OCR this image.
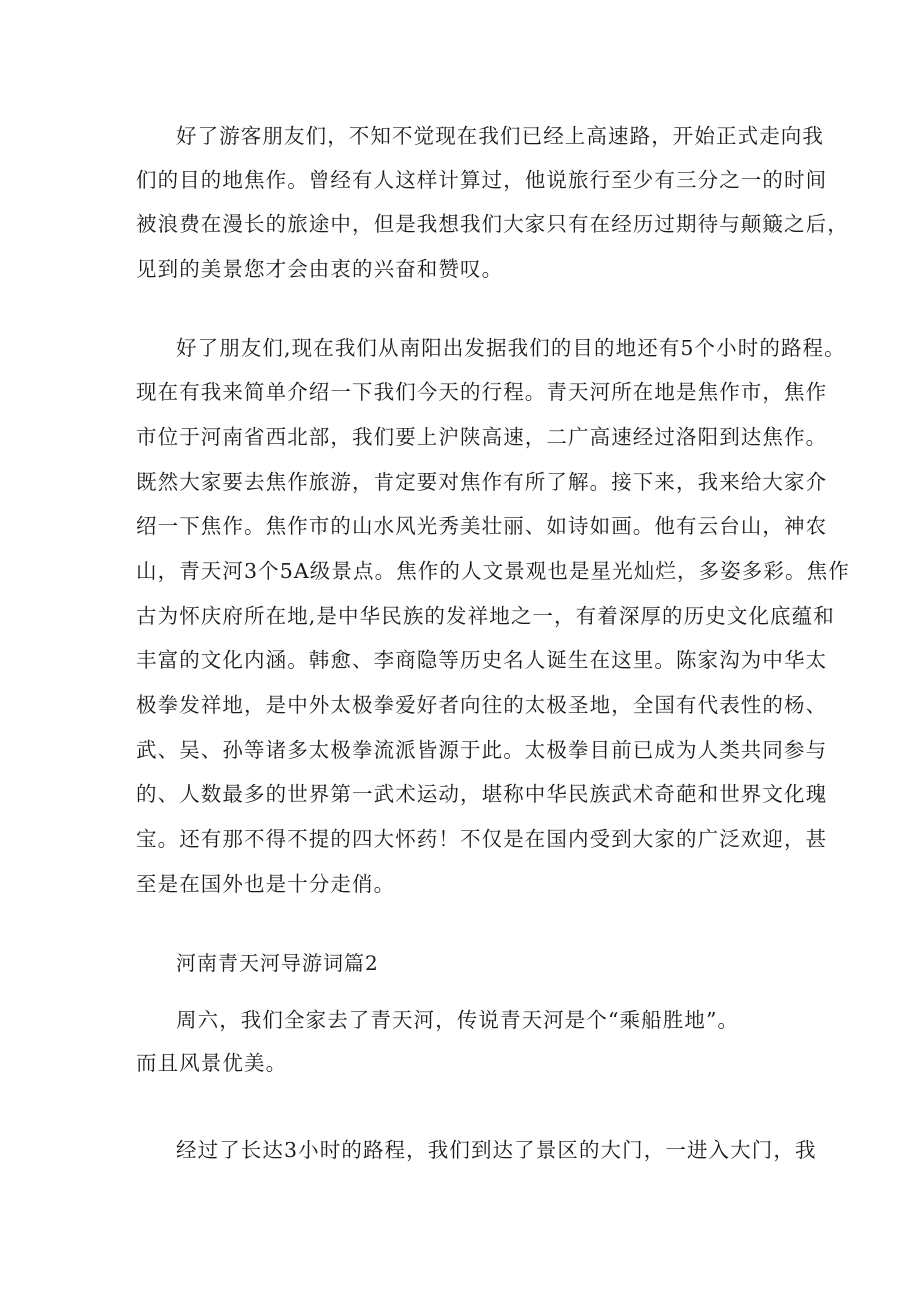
好了游客朋友们，不知不觉现在我们已经上高速路，开始正式走向我

们的目的地焦作。曾经有人这样计算过，他说旅行至少有三分之一的时间

被浪费在漫长的旅途中，但是我想我们大家只有在经历过期待与颠簸之后，

见到的美景您才会由衷的兴奋和赞叹。

好了朋友们,现在我们从南阳出发据我们的目的地还有5个小时的路程。

现在有我来简单介绍一下我们今天的行程。青天河所在地是焦作市，焦作

市位于河南省西北部，我们要上沪陕高速，二广高速经过洛阳到达焦作。

既然大家要去焦作旅游，肯定要对焦作有所了解。接下来，我来给大家介

绍一下焦作。焦作市的山水风光秀美壮丽、如诗如画。他有云台山，神农

山，青天河3个5A级景点。焦作的人文景观也是星光灿烂，多姿多彩。焦作

古为怀庆府所在地,是中华民族的发祥地之一，有着深厚的历史文化底蕴和

丰富的文化内涵。韩愈、李商隐等历史名人诞生在这里。陈家沟为中华太

极拳发祥地，是中外太极拳爱好者向往的太极圣地，全国有代表性的杨、

武、吴、孙等诸多太极拳流派皆源于此。太极拳目前已成为人类共同参与

的、人数最多的世界第一武术运动，堪称中华民族武术奇葩和世界文化瑰

宝。还有那不得不提的四大怀药！不仅是在国内受到大家的广泛欢迎，甚

至是在国外也是十分走俏。

河南青天河导游词篇2

周六，我们全家去了青天河，传说青天河是个“乘船胜地”。

而且风景优美。

经过了长达3小时的路程，我们到达了景区的大门，一进入大门，我
